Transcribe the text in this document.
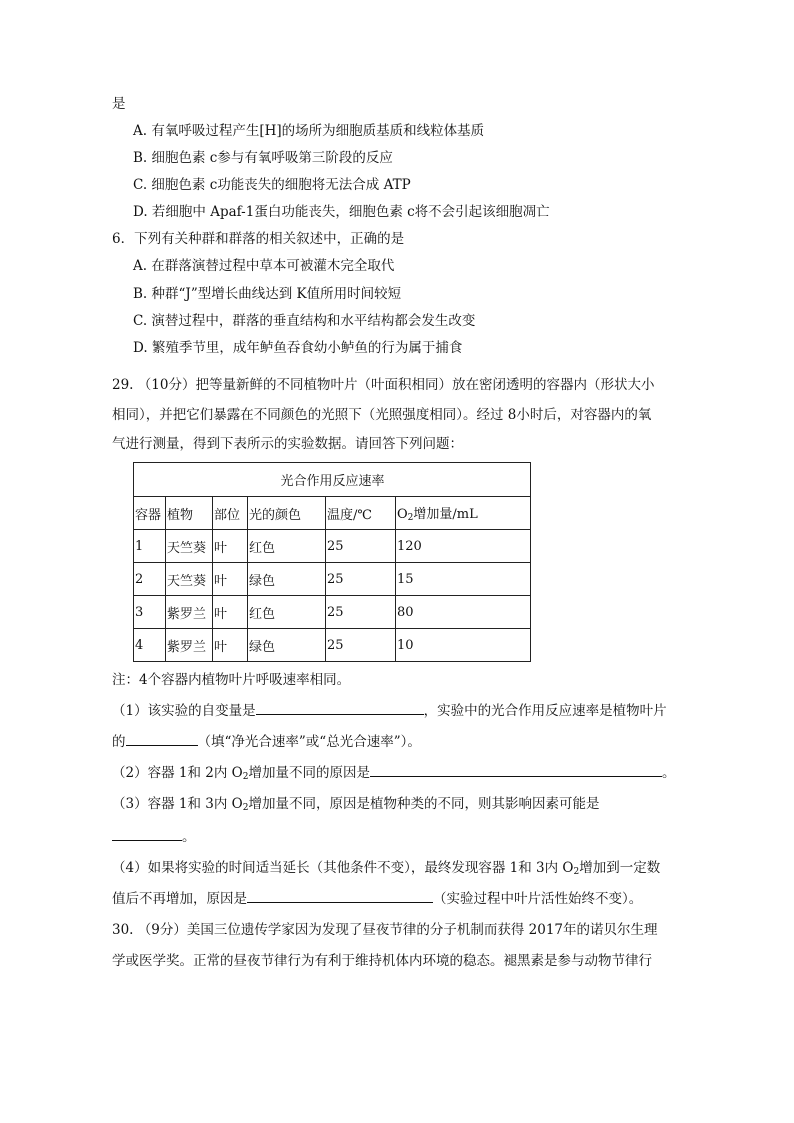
是
A. 有氧呼吸过程产生[H]的场所为细胞质基质和线粒体基质
B. 细胞色素 c参与有氧呼吸第三阶段的反应
C. 细胞色素 c功能丧失的细胞将无法合成 ATP
D. 若细胞中 Apaf-1蛋白功能丧失，细胞色素 c将不会引起该细胞凋亡
6．下列有关种群和群落的相关叙述中，正确的是
A. 在群落演替过程中草本可被灌木完全取代
B. 种群“J”型增长曲线达到 K值所用时间较短
C. 演替过程中，群落的垂直结构和水平结构都会发生改变
D. 繁殖季节里，成年鲈鱼吞食幼小鲈鱼的行为属于捕食
29. （10分）把等量新鲜的不同植物叶片（叶面积相同）放在密闭透明的容器内（形状大小
相同），并把它们暴露在不同颜色的光照下（光照强度相同）。经过 8小时后，对容器内的氧
气进行测量，得到下表所示的实验数据。请回答下列问题：
光合作用反应速率					
容器	植物	部位	光的颜色	温度/℃	$O_2$增加量/mL
1	天竺葵	叶	红色	25	120
2	天竺葵	叶	绿色	25	15
3	紫罗兰	叶	红色	25	80
4	紫罗兰	叶	绿色	25	10
注：4个容器内植物叶片呼吸速率相同。
（1）该实验的自变量是	，实验中的光合作用反应速率是植物叶片
的	（填“净光合速率”或“总光合速率”）。
（2）容器 1和 2内 $O_2$增加量不同的原因是	。
（3）容器 1和 3内 $O_2$增加量不同，原因是植物种类的不同，则其影响因素可能是
。
（4）如果将实验的时间适当延长（其他条件不变），最终发现容器 1和 3内 $O_2$增加到一定数
值后不再增加，原因是	（实验过程中叶片活性始终不变）。
30. （9分）美国三位遗传学家因为发现了昼夜节律的分子机制而获得 2017年的诺贝尔生理
学或医学奖。正常的昼夜节律行为有利于维持机体内环境的稳态。褪黑素是参与动物节律行
